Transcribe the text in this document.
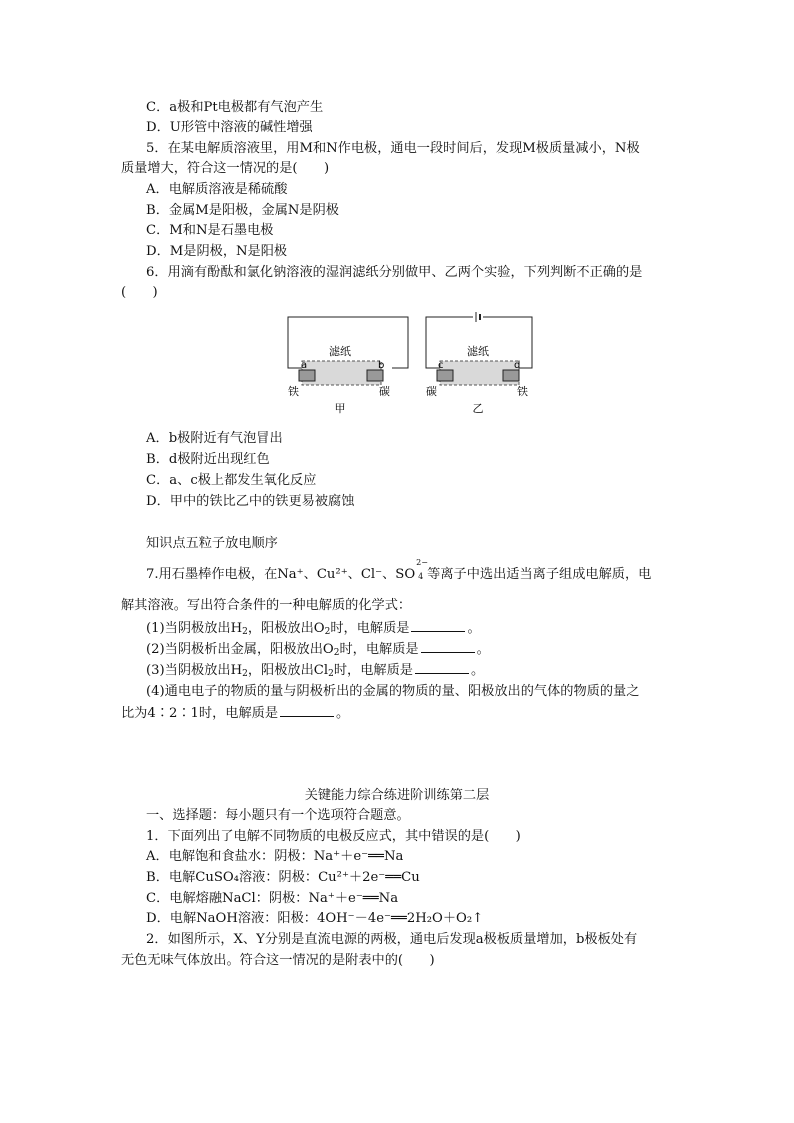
C．a极和Pt电极都有气泡产生
D．U形管中溶液的碱性增强
5．在某电解质溶液里，用M和N作电极，通电一段时间后，发现M极质量减小，N极
质量增大，符合这一情况的是(　　)
A．电解质溶液是稀硫酸
B．金属M是阳极，金属N是阴极
C．M和N是石墨电极
D．M是阴极，N是阳极
6．用滴有酚酞和氯化钠溶液的湿润滤纸分别做甲、乙两个实验，下列判断不正确的是
(　　)
滤纸
a	b
铁	碳
甲
滤纸
c	d
碳	铁
乙
A．b极附近有气泡冒出
B．d极附近出现红色
C．a、c极上都发生氧化反应
D．甲中的铁比乙中的铁更易被腐蚀
知识点五粒子放电顺序
7.用石墨棒作电极，在Na⁺、Cu²⁺、Cl⁻、SO
2−
4 等离子中选出适当离子组成电解质，电
解其溶液。写出符合条件的一种电解质的化学式：
(1)当阴极放出$H_2$，阳极放出$O_2$时，电解质是	。
(2)当阴极析出金属，阳极放出$O_2$时，电解质是	。
(3)当阴极放出$H_2$，阳极放出$Cl_2$时，电解质是	。
(4)通电电子的物质的量与阴极析出的金属的物质的量、阳极放出的气体的物质的量之
比为4∶2∶1时，电解质是	。
关键能力综合练进阶训练第二层
一、选择题：每小题只有一个选项符合题意。
1．下面列出了电解不同物质的电极反应式，其中错误的是(　　)
A．电解饱和食盐水：阴极：Na⁺＋e⁻══Na
B．电解CuSO₄溶液：阴极：Cu²⁺＋2e⁻══Cu
C．电解熔融NaCl：阴极：Na⁺＋e⁻══Na
D．电解NaOH溶液：阳极：4OH⁻－4e⁻══2H₂O＋O₂↑
2．如图所示，X、Y分别是直流电源的两极，通电后发现a极板质量增加，b极板处有
无色无味气体放出。符合这一情况的是附表中的(　　)
